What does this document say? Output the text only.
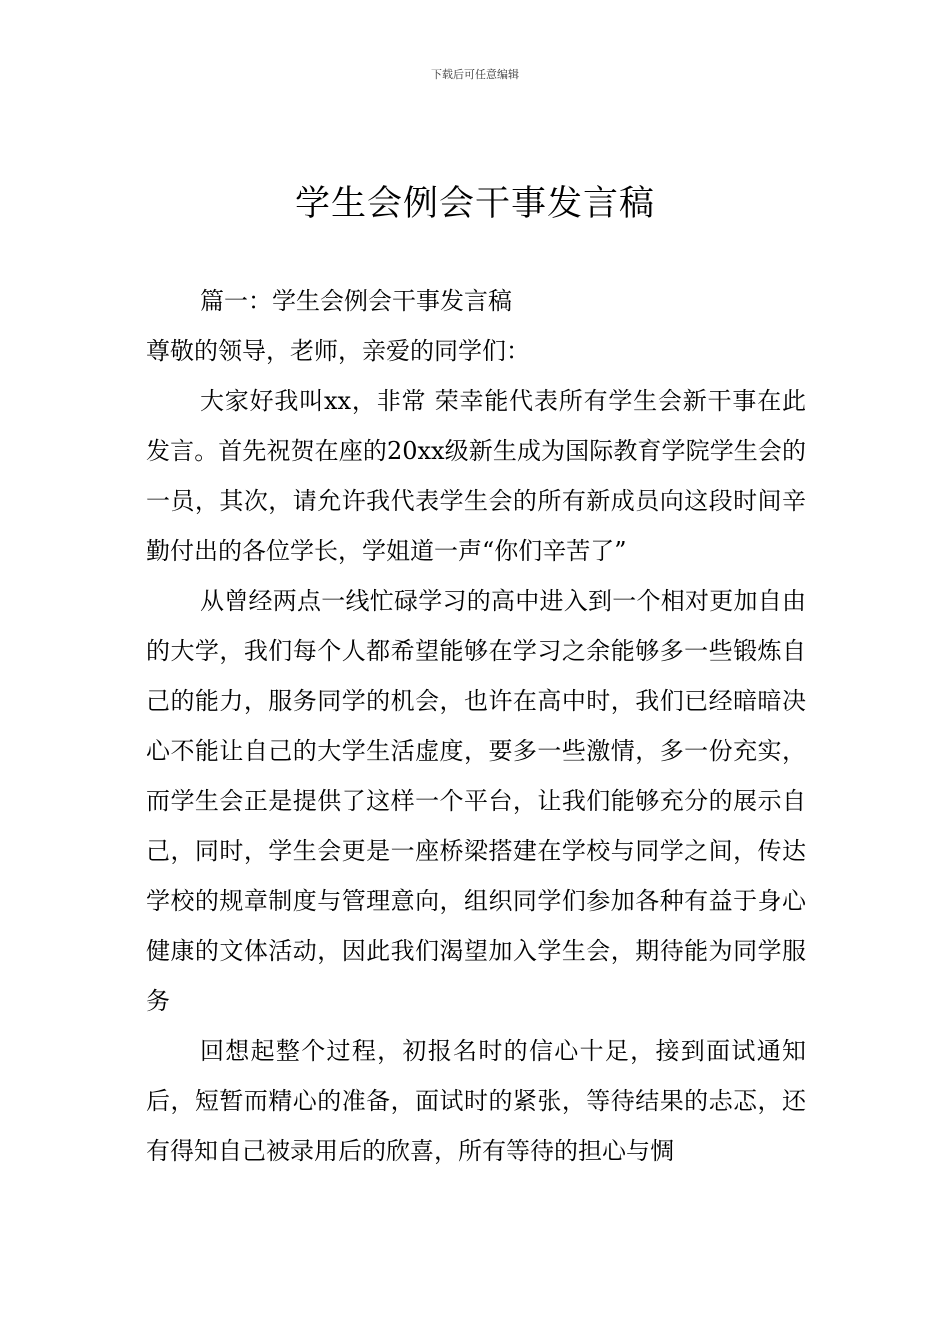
下载后可任意编辑
学生会例会干事发言稿

篇一：学生会例会干事发言稿

尊敬的领导，老师，亲爱的同学们：

大家好我叫xx，非常 荣幸能代表所有学生会新干事在此发言。首先祝贺在座的20xx级新生成为国际教育学院学生会的一员，其次，请允许我代表学生会的所有新成员向这段时间辛勤付出的各位学长，学姐道一声“你们辛苦了”

从曾经两点一线忙碌学习的高中进入到一个相对更加自由的大学，我们每个人都希望能够在学习之余能够多一些锻炼自己的能力，服务同学的机会，也许在高中时，我们已经暗暗决心不能让自己的大学生活虚度，要多一些激情，多一份充实，而学生会正是提供了这样一个平台，让我们能够充分的展示自己，同时，学生会更是一座桥梁搭建在学校与同学之间，传达学校的规章制度与管理意向，组织同学们参加各种有益于身心健康的文体活动，因此我们渴望加入学生会，期待能为同学服务

回想起整个过程，初报名时的信心十足，接到面试通知后，短暂而精心的准备，面试时的紧张，等待结果的忐忑，还有得知自己被录用后的欣喜，所有等待的担心与惆
